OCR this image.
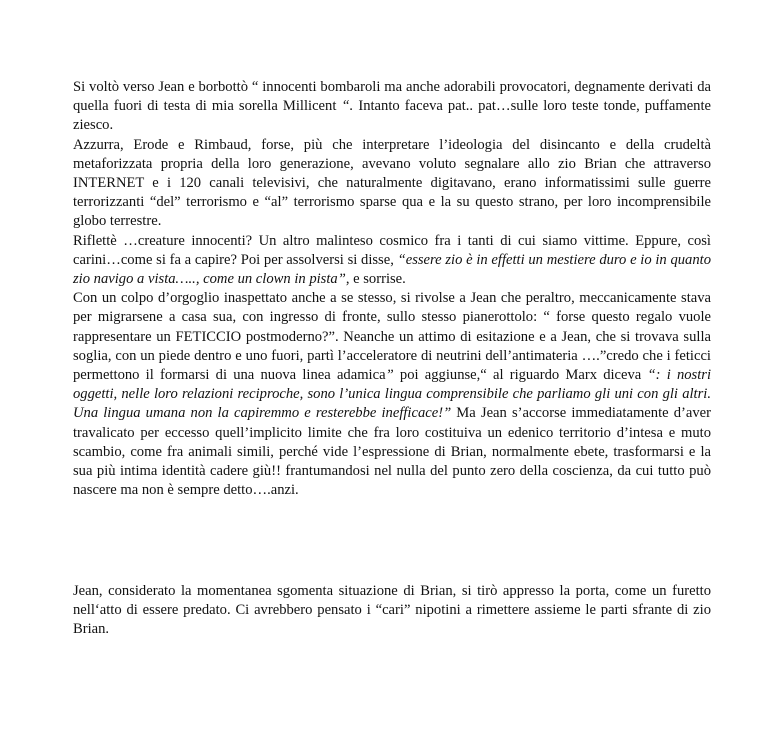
Si voltò verso Jean e borbottò “ innocenti bombaroli ma anche adorabili provocatori, degnamente derivati da quella fuori di testa di mia sorella Millicent “. Intanto faceva pat.. pat…sulle loro teste tonde, puffamente ziesco.

Azzurra, Erode e Rimbaud, forse, più che interpretare l’ideologia del disincanto e della crudeltà metaforizzata propria della loro generazione, avevano voluto segnalare allo zio Brian che attraverso INTERNET e i 120 canali televisivi, che naturalmente digitavano, erano informatissimi sulle guerre terrorizzanti “del” terrorismo e “al” terrorismo sparse qua e la su questo strano, per loro incomprensibile globo terrestre.

Riflettè …creature innocenti? Un altro malinteso cosmico fra i tanti di cui siamo vittime. Eppure, così carini…come si fa a capire? Poi per assolversi si disse, “essere zio è in effetti un mestiere duro e io in quanto zio navigo a vista….., come un clown in pista”, e sorrise.

Con un colpo d’orgoglio inaspettato anche a se stesso, si rivolse a Jean che peraltro, meccanicamente stava per migrarsene a casa sua, con ingresso di fronte, sullo stesso pianerottolo: “ forse questo regalo vuole rappresentare un FETICCIO postmoderno?”. Neanche un attimo di esitazione e a Jean, che si trovava sulla soglia, con un piede dentro e uno fuori, partì l’acceleratore di neutrini dell’antimateria ….”credo che i feticci permettono il formarsi di una nuova linea adamica” poi aggiunse,“ al riguardo Marx diceva “: i nostri oggetti, nelle loro relazioni reciproche, sono l’unica lingua comprensibile che parliamo gli uni con gli altri. Una lingua umana non la capiremmo e resterebbe inefficace!” Ma Jean s’accorse immediatamente d’aver travalicato per eccesso quell’implicito limite che fra loro costituiva un edenico territorio d’intesa e muto scambio, come fra animali simili, perché vide l’espressione di Brian, normalmente ebete, trasformarsi e la sua più intima identità cadere giù!! frantumandosi nel nulla del punto zero della coscienza, da cui tutto può nascere ma non è sempre detto….anzi.

Jean, considerato la momentanea sgomenta situazione di Brian, si tirò appresso la porta, come un furetto nell‘atto di essere predato. Ci avrebbero pensato i “cari” nipotini a rimettere assieme le parti sfrante di zio Brian.
